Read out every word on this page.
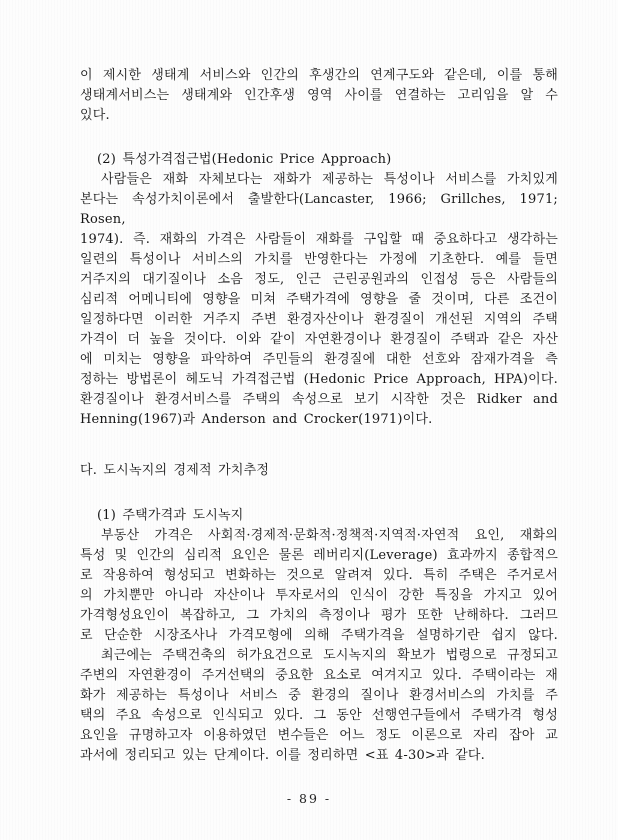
이 제시한 생태계 서비스와 인간의 후생간의 연계구도와 같은데, 이를 통해
생태계서비스는 생태계와 인간후생 영역 사이를 연결하는 고리임을 알 수
있다.
(2) 특성가격접근법(Hedonic Price Approach)
사람들은 재화 자체보다는 재화가 제공하는 특성이나 서비스를 가치있게
본다는 속성가치이론에서 출발한다(Lancaster, 1966; Grillches, 1971; Rosen,
1974). 즉. 재화의 가격은 사람들이 재화를 구입할 때 중요하다고 생각하는
일련의 특성이나 서비스의 가치를 반영한다는 가정에 기초한다. 예를 들면
거주지의 대기질이나 소음 정도, 인근 근린공원과의 인접성 등은 사람들의
심리적 어메니티에 영향을 미쳐 주택가격에 영향을 줄 것이며, 다른 조건이
일정하다면 이러한 거주지 주변 환경자산이나 환경질이 개선된 지역의 주택
가격이 더 높을 것이다. 이와 같이 자연환경이나 환경질이 주택과 같은 자산
에 미치는 영향을 파악하여 주민들의 환경질에 대한 선호와 잠재가격을 측
정하는 방법론이 헤도닉 가격접근법 (Hedonic Price Approach, HPA)이다.
환경질이나 환경서비스를 주택의 속성으로 보기 시작한 것은 Ridker and
Henning(1967)과 Anderson and Crocker(1971)이다.
다. 도시녹지의 경제적 가치추정
(1) 주택가격과 도시녹지
부동산 가격은 사회적·경제적·문화적·정책적·지역적·자연적 요인, 재화의
특성 및 인간의 심리적 요인은 물론 레버리지(Leverage) 효과까지 종합적으
로 작용하여 형성되고 변화하는 것으로 알려져 있다. 특히 주택은 주거로서
의 가치뿐만 아니라 자산이나 투자로서의 인식이 강한 특징을 가지고 있어
가격형성요인이 복잡하고, 그 가치의 측정이나 평가 또한 난해하다. 그러므
로 단순한 시장조사나 가격모형에 의해 주택가격을 설명하기란 쉽지 않다.
최근에는 주택건축의 허가요건으로 도시녹지의 확보가 법령으로 규정되고
주변의 자연환경이 주거선택의 중요한 요소로 여겨지고 있다. 주택이라는 재
화가 제공하는 특성이나 서비스 중 환경의 질이나 환경서비스의 가치를 주
택의 주요 속성으로 인식되고 있다. 그 동안 선행연구들에서 주택가격 형성
요인을 규명하고자 이용하였던 변수들은 어느 정도 이론으로 자리 잡아 교
과서에 정리되고 있는 단계이다. 이를 정리하면 <표 4-30>과 같다.
- 89 -
